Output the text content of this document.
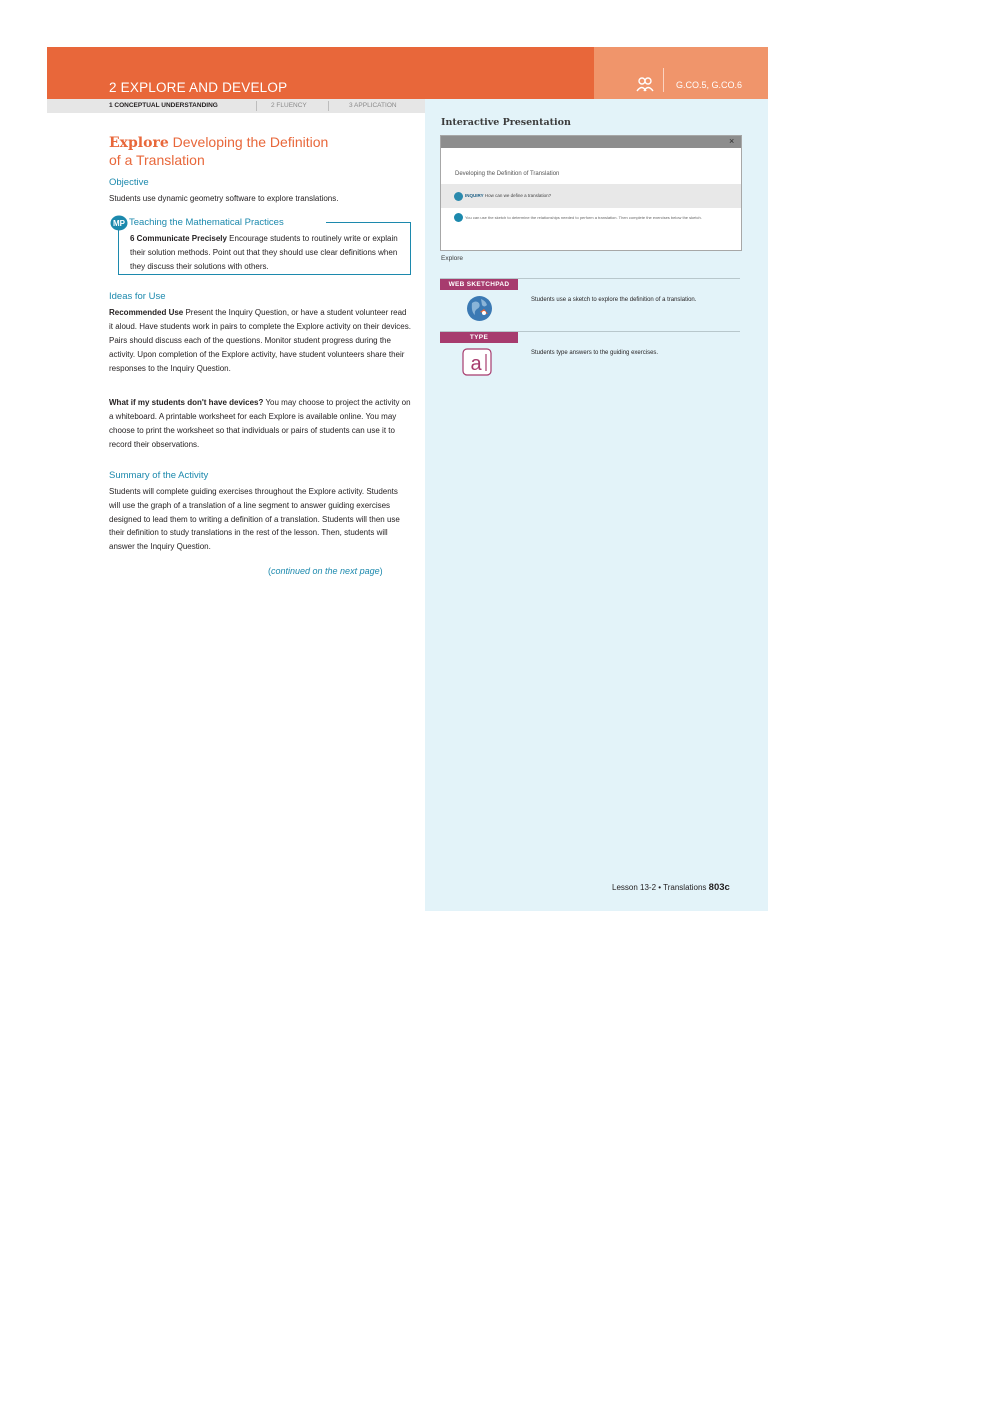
2 EXPLORE AND DEVELOP	G.CO.5, G.CO.6
1 CONCEPTUAL UNDERSTANDING	2 FLUENCY	3 APPLICATION
Explore Developing the Definition
of a Translation
Objective
Students use dynamic geometry software to explore translations.
MP Teaching the Mathematical Practices
6 Communicate Precisely Encourage students to routinely write or explain their solution methods. Point out that they should use clear definitions when they discuss their solutions with others.
Ideas for Use
Recommended Use Present the Inquiry Question, or have a student volunteer read it aloud. Have students work in pairs to complete the Explore activity on their devices. Pairs should discuss each of the questions. Monitor student progress during the activity. Upon completion of the Explore activity, have student volunteers share their responses to the Inquiry Question.
What if my students don't have devices? You may choose to project the activity on a whiteboard. A printable worksheet for each Explore is available online. You may choose to print the worksheet so that individuals or pairs of students can use it to record their observations.
Summary of the Activity
Students will complete guiding exercises throughout the Explore activity. Students will use the graph of a translation of a line segment to answer guiding exercises designed to lead them to writing a definition of a translation. Students will then use their definition to study translations in the rest of the lesson. Then, students will answer the Inquiry Question.
(continued on the next page)
Interactive Presentation
×
Developing the Definition of Translation
INQUIRY How can we define a translation?
You can use the sketch to determine the relationships needed to perform a translation. Then complete the exercises below the sketch.
Explore
WEB SKETCHPAD
Students use a sketch to explore the definition of a translation.
TYPE
a	Students type answers to the guiding exercises.
Lesson 13-2 • Translations 803c
